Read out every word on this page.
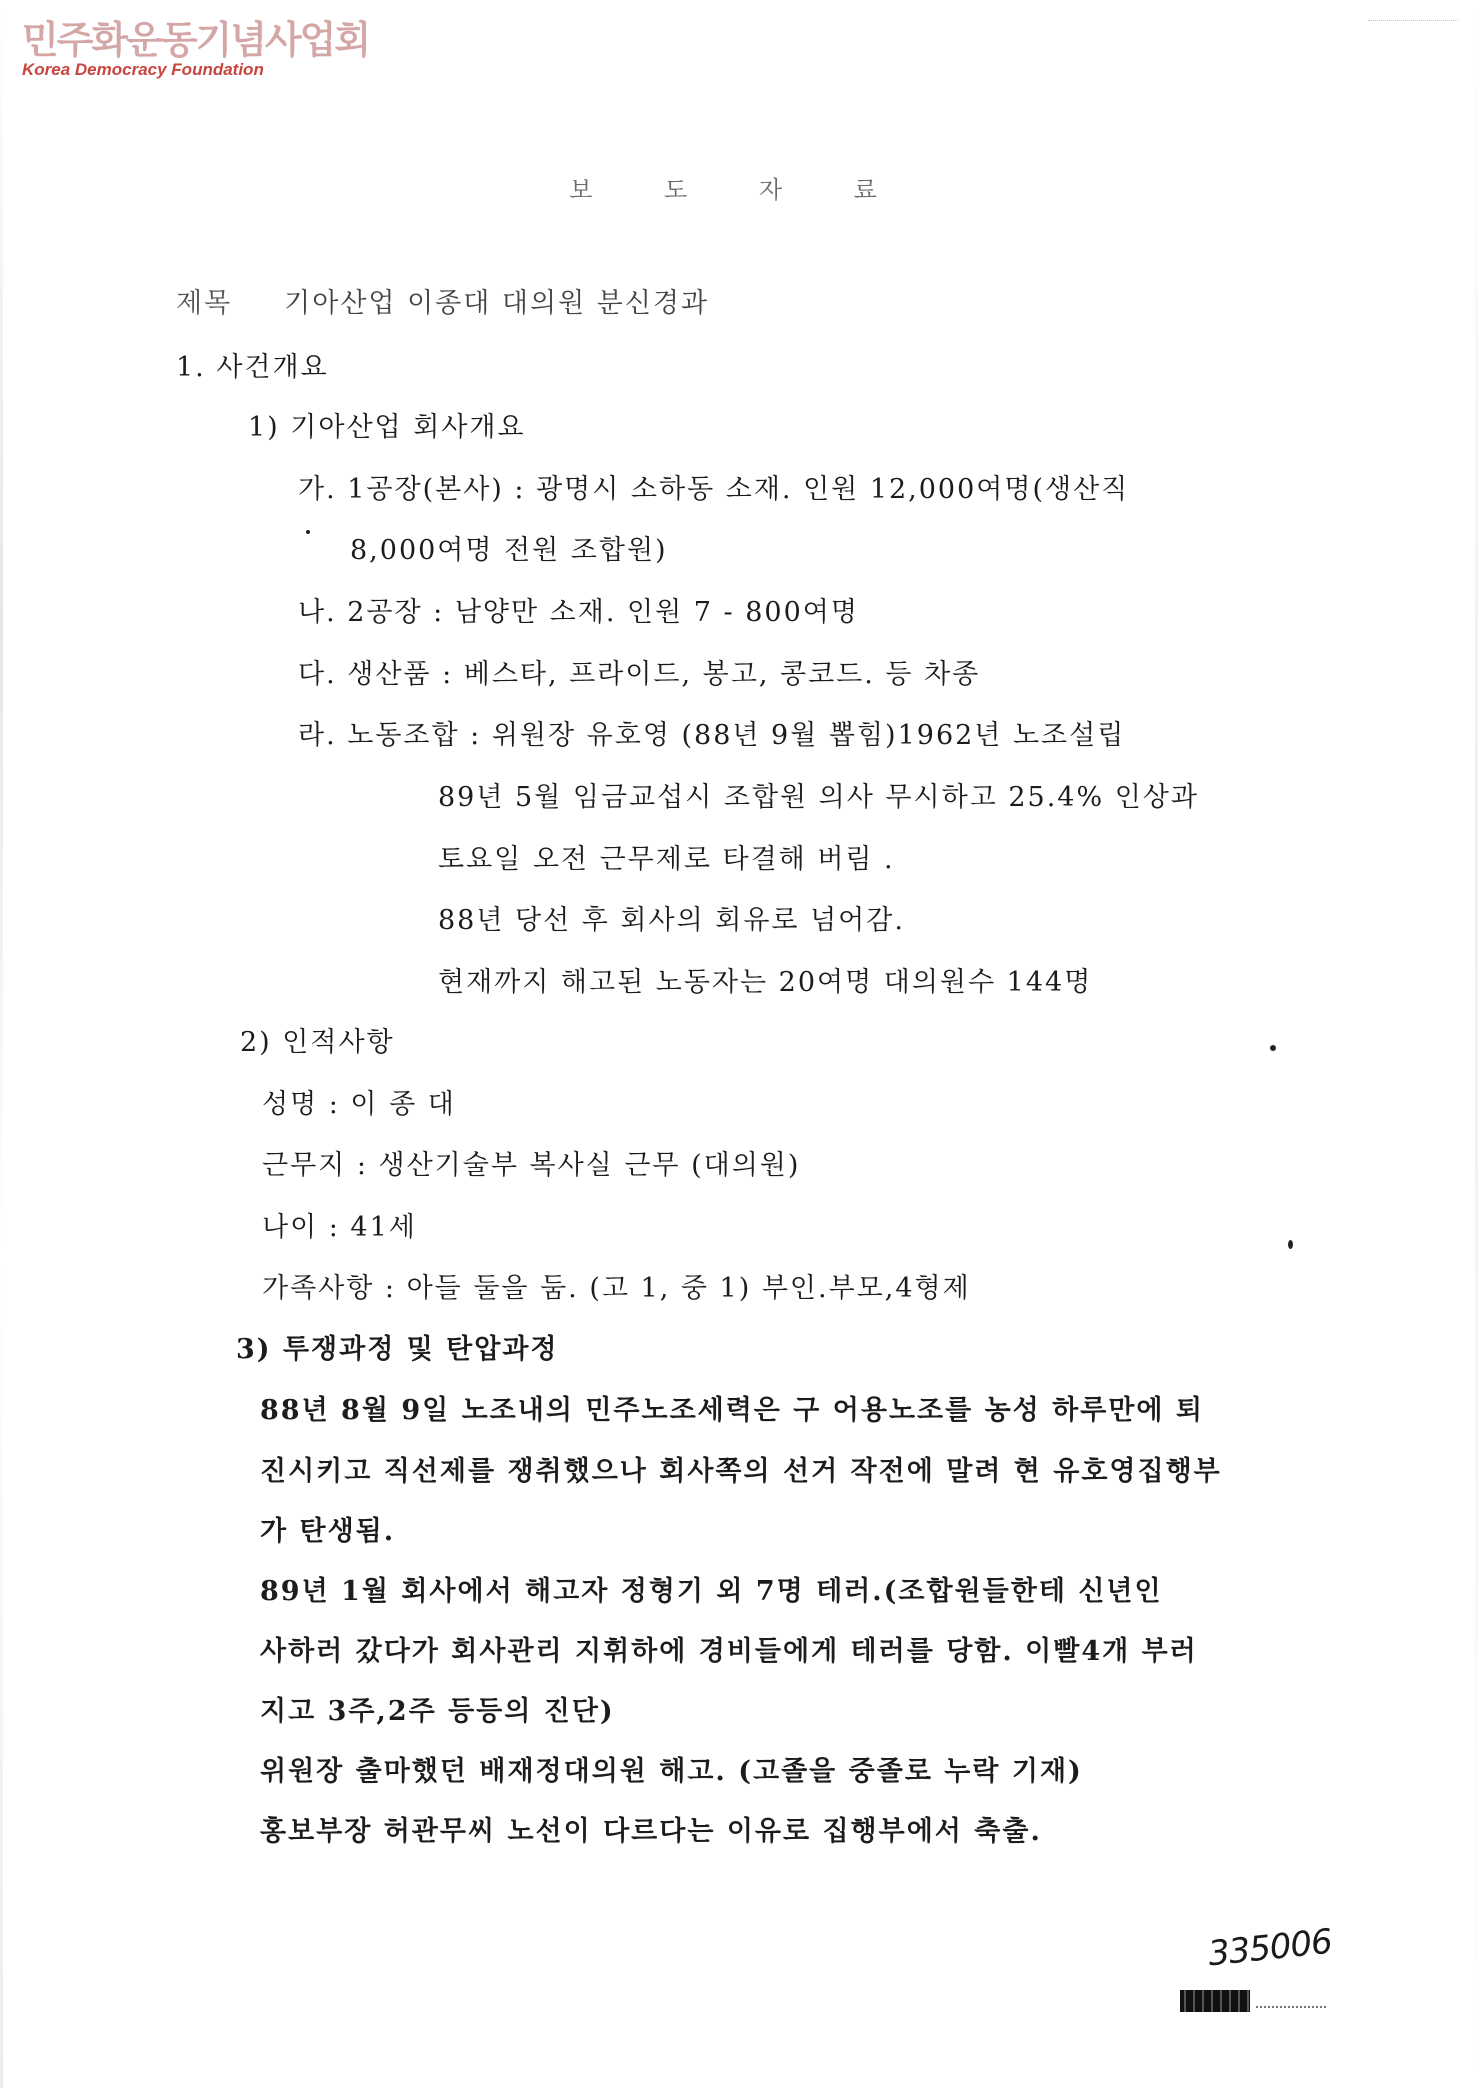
민주화운동기념사업회
Korea Democracy Foundation
보 도 자 료
제목 기아산업 이종대 대의원 분신경과
1. 사건개요
1) 기아산업 회사개요
가. 1공장(본사) : 광명시 소하동 소재. 인원 12,000여명(생산직
8,000여명 전원 조합원)
나. 2공장 : 남양만 소재. 인원 7 - 800여명
다. 생산품 : 베스타, 프라이드, 봉고, 콩코드. 등 차종
라. 노동조합 : 위원장 유호영 (88년 9월 뽑힘)1962년 노조설립
89년 5월 임금교섭시 조합원 의사 무시하고 25.4% 인상과
토요일 오전 근무제로 타결해 버림 .
88년 당선 후 회사의 회유로 넘어감.
현재까지 해고된 노동자는 20여명 대의원수 144명
2) 인적사항
성명 : 이 종 대
근무지 : 생산기술부 복사실 근무 (대의원)
나이 : 41세
가족사항 : 아들 둘을 둠. (고 1, 중 1) 부인.부모,4형제
3) 투쟁과정 및 탄압과정
88년 8월 9일 노조내의 민주노조세력은 구 어용노조를 농성 하루만에 퇴
진시키고 직선제를 쟁취했으나 회사쪽의 선거 작전에 말려 현 유호영집행부
가 탄생됨.
89년 1월 회사에서 해고자 정형기 외 7명 테러.(조합원들한테 신년인
사하러 갔다가 회사관리 지휘하에 경비들에게 테러를 당함. 이빨4개 부러
지고 3주,2주 등등의 진단)
위원장 출마했던 배재정대의원 해고. (고졸을 중졸로 누락 기재)
홍보부장 허관무씨 노선이 다르다는 이유로 집행부에서 축출.
335006
